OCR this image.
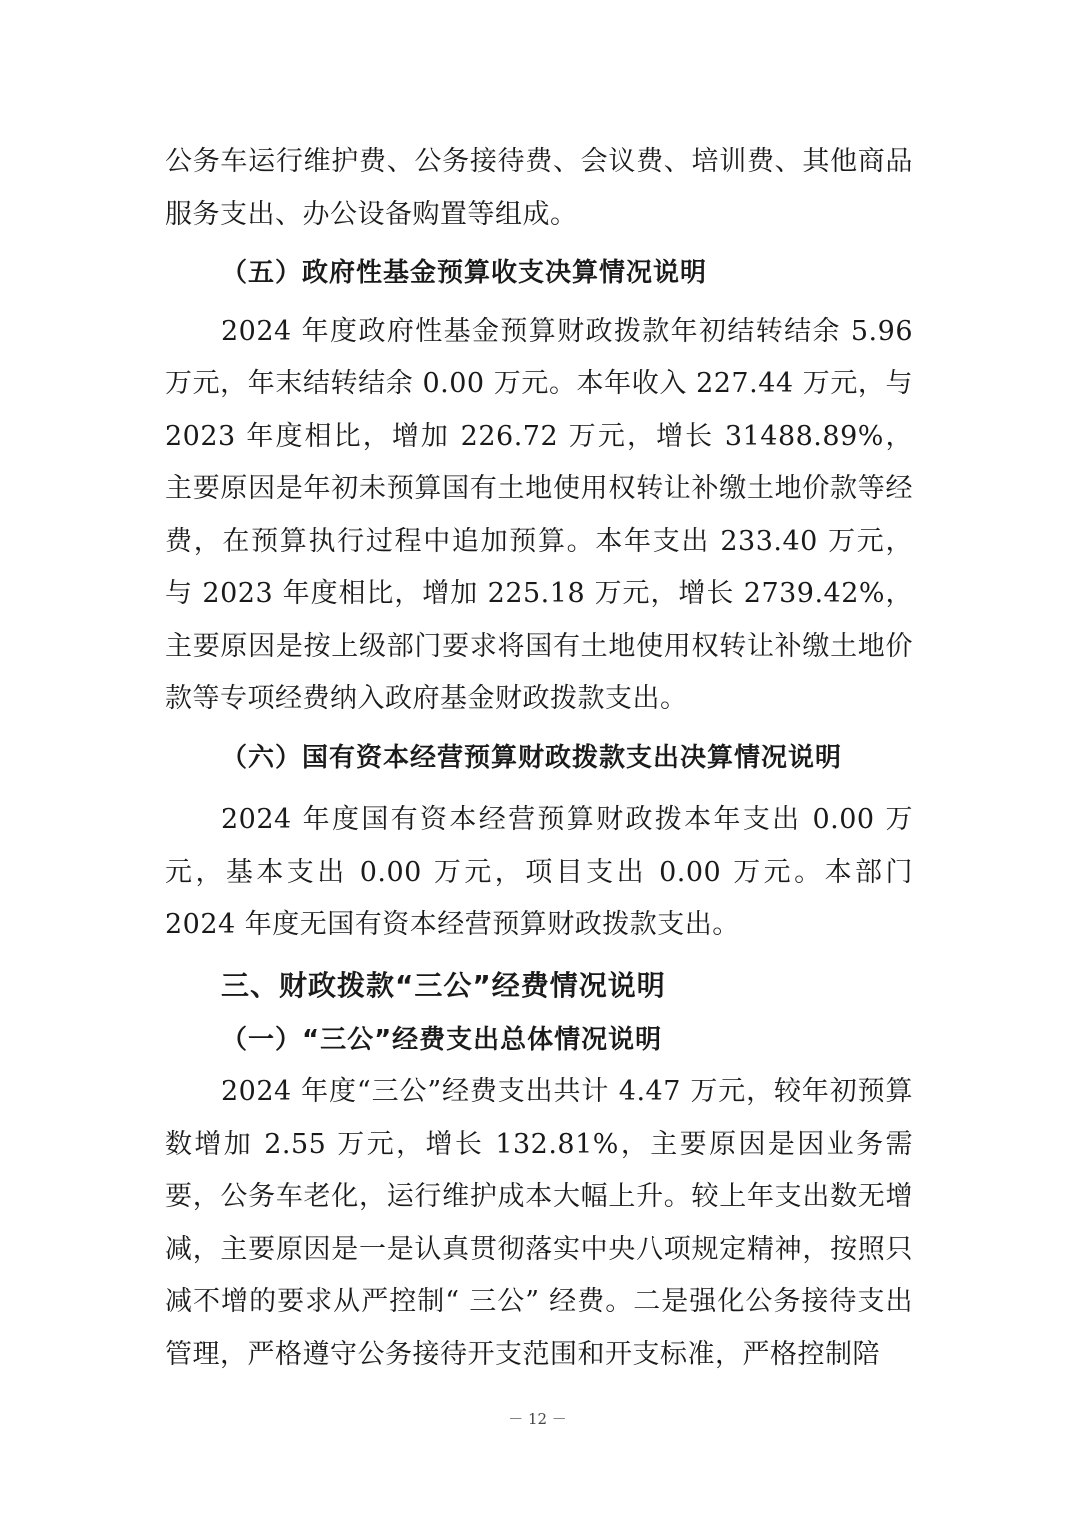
公务车运行维护费、公务接待费、会议费、培训费、其他商品服务支出、办公设备购置等组成。

（五）政府性基金预算收支决算情况说明

2024 年度政府性基金预算财政拨款年初结转结余 5.96 万元，年末结转结余 0.00 万元。本年收入 227.44 万元，与 2023 年度相比，增加 226.72 万元，增长 31488.89%，主要原因是年初未预算国有土地使用权转让补缴土地价款等经费，在预算执行过程中追加预算。本年支出 233.40 万元，与 2023 年度相比，增加 225.18 万元，增长 2739.42%，主要原因是按上级部门要求将国有土地使用权转让补缴土地价款等专项经费纳入政府基金财政拨款支出。

（六）国有资本经营预算财政拨款支出决算情况说明

2024 年度国有资本经营预算财政拨本年支出 0.00 万元，基本支出 0.00 万元，项目支出 0.00 万元。本部门 2024 年度无国有资本经营预算财政拨款支出。

三、财政拨款“三公”经费情况说明

（一）“三公”经费支出总体情况说明

2024 年度“三公”经费支出共计 4.47 万元，较年初预算数增加 2.55 万元，增长 132.81%，主要原因是因业务需要，公务车老化，运行维护成本大幅上升。较上年支出数无增减，主要原因是一是认真贯彻落实中央八项规定精神，按照只减不增的要求从严控制“ 三公” 经费。二是强化公务接待支出管理，严格遵守公务接待开支范围和开支标准，严格控制陪

－ 12 －
